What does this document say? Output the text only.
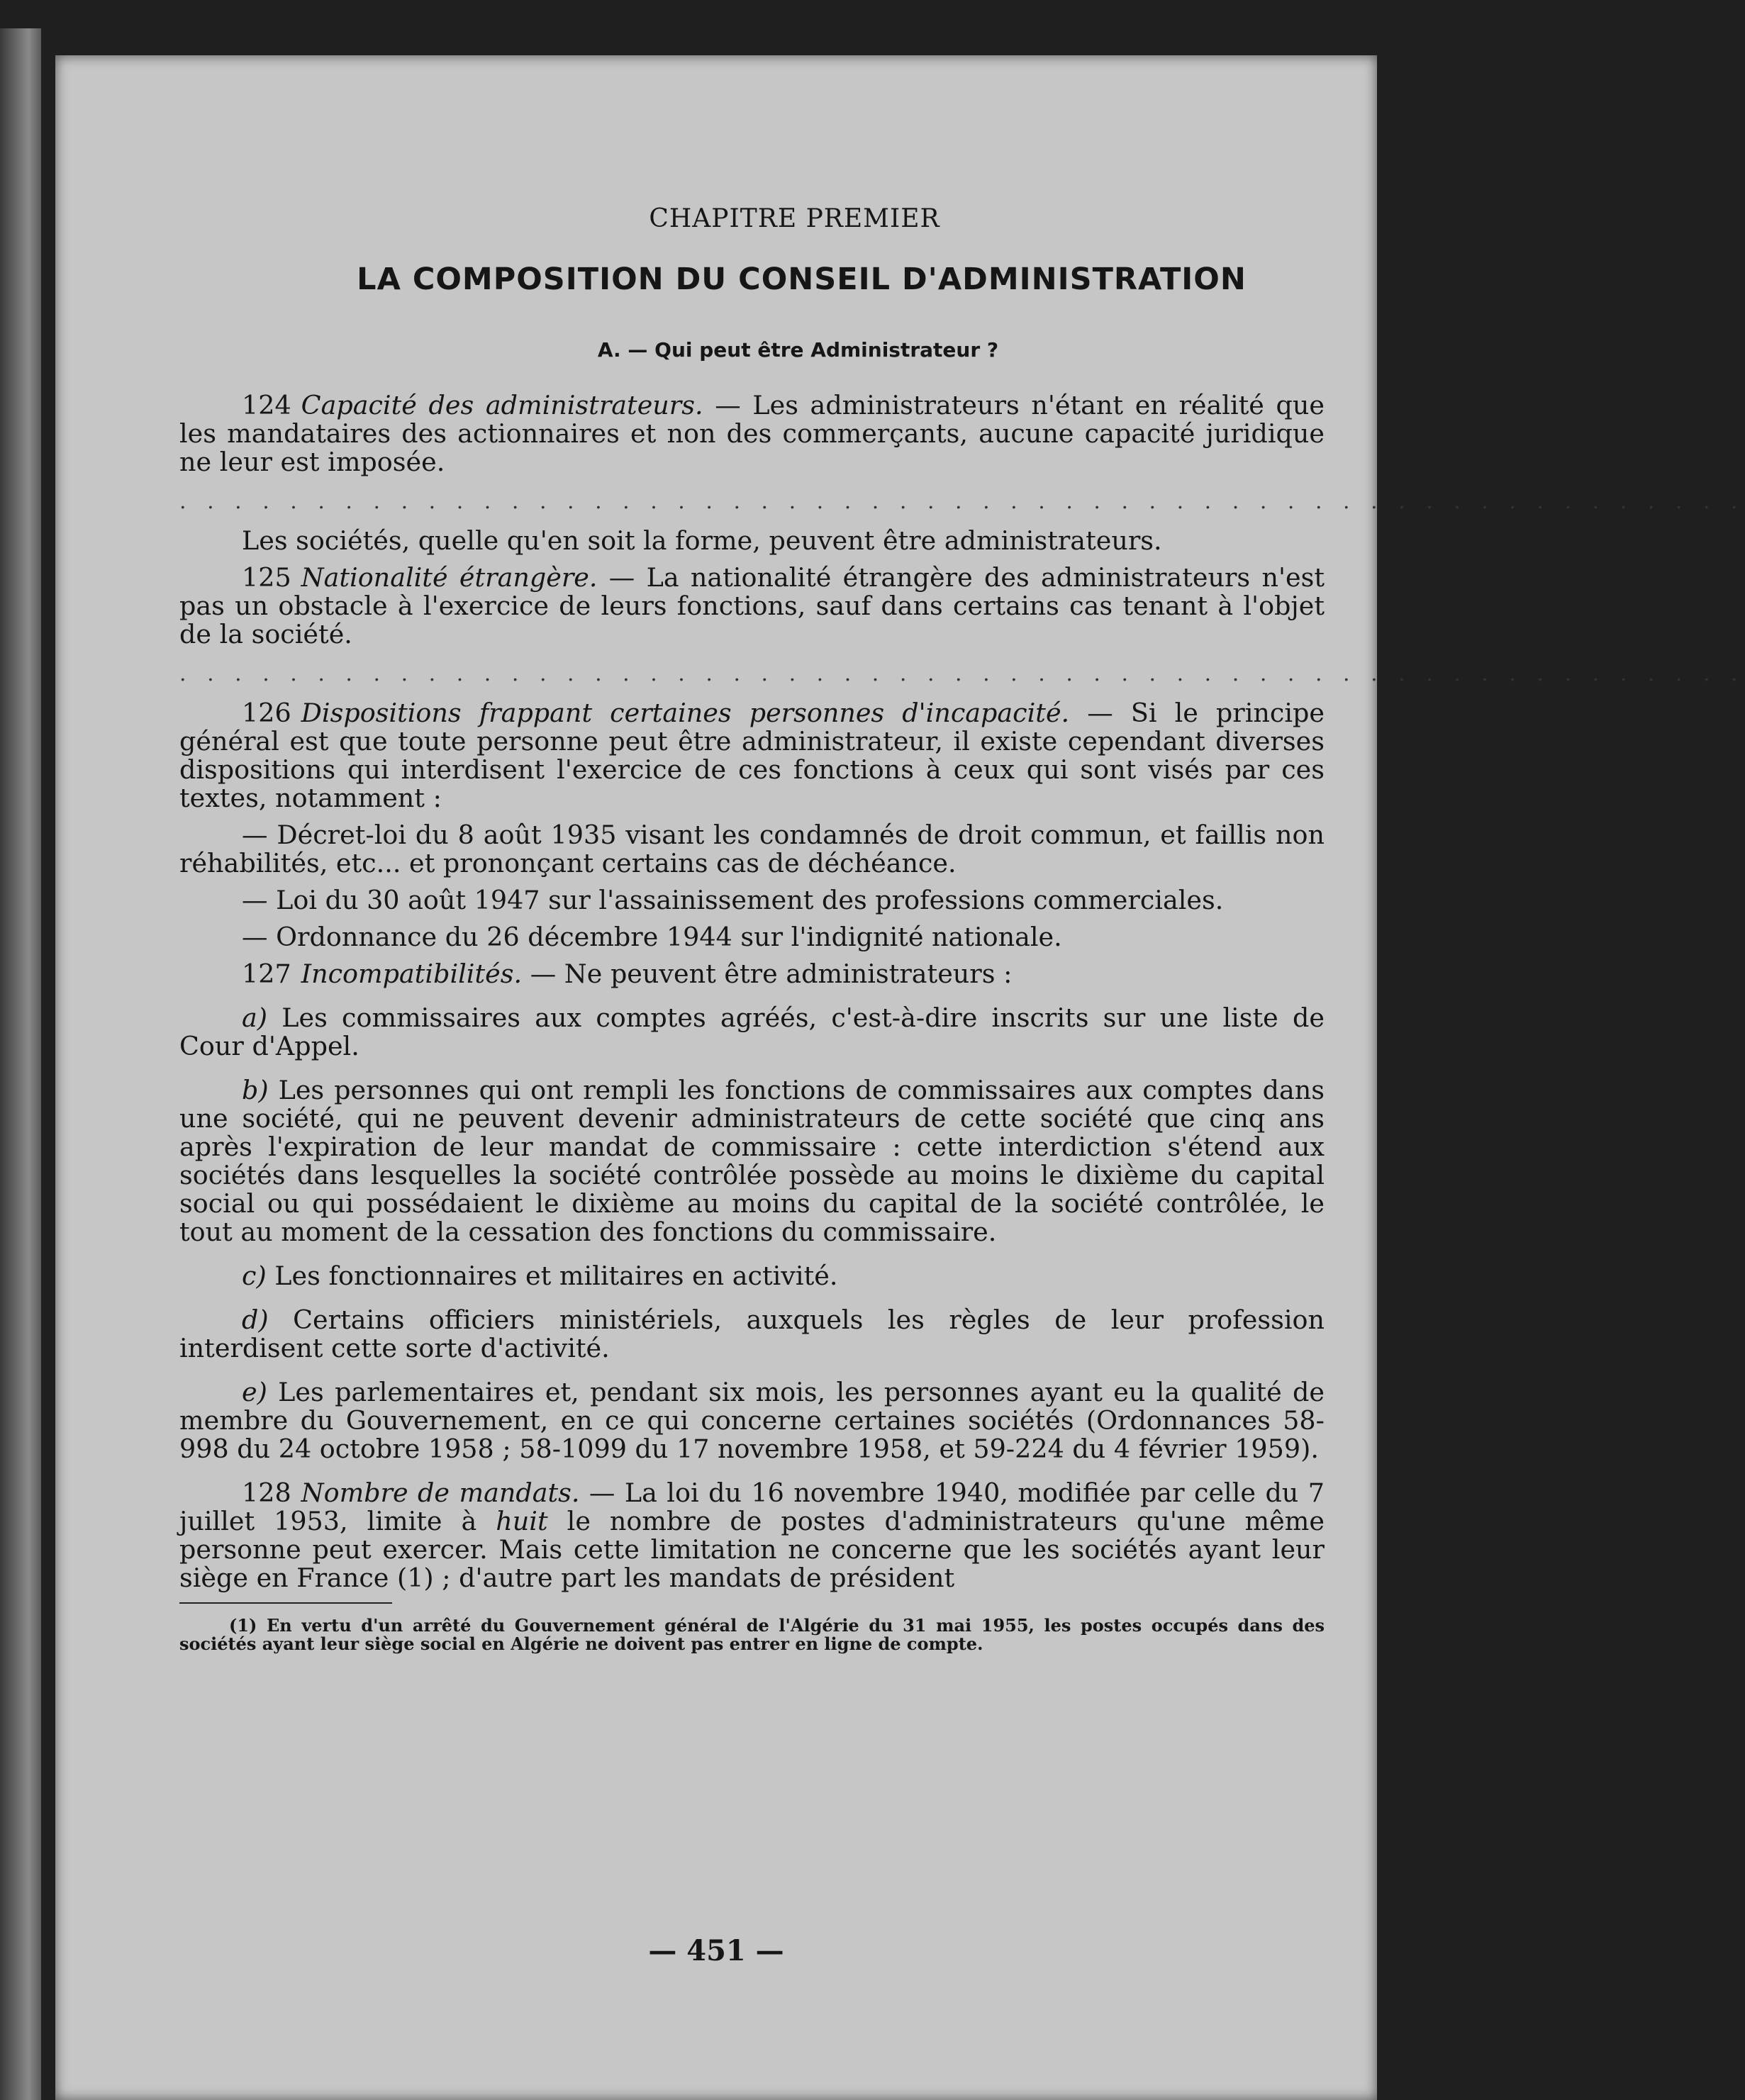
CHAPITRE PREMIER
LA COMPOSITION DU CONSEIL D'ADMINISTRATION
A. — Qui peut être Administrateur ?

124 Capacité des administrateurs. — Les administrateurs n'étant en réalité que les mandataires des actionnaires et non des commerçants, aucune capacité juridique ne leur est imposée.

. . . . . . . . . . . . . . . . . . . . . . . . . . . . . . . . . . . . . . . . . . . . . . . . . . . . . . . . .

Les sociétés, quelle qu'en soit la forme, peuvent être administrateurs.

125 Nationalité étrangère. — La nationalité étrangère des administrateurs n'est pas un obstacle à l'exercice de leurs fonctions, sauf dans certains cas tenant à l'objet de la société.

. . . . . . . . . . . . . . . . . . . . . . . . . . . . . . . . . . . . . . . . . . . . . . . . . . . . . . . . .

126 Dispositions frappant certaines personnes d'incapacité. — Si le principe général est que toute personne peut être administrateur, il existe cependant diverses dispositions qui interdisent l'exercice de ces fonctions à ceux qui sont visés par ces textes, notamment :

— Décret-loi du 8 août 1935 visant les condamnés de droit commun, et faillis non réhabilités, etc... et prononçant certains cas de déchéance.

— Loi du 30 août 1947 sur l'assainissement des professions commerciales.

— Ordonnance du 26 décembre 1944 sur l'indignité nationale.

127 Incompatibilités. — Ne peuvent être administrateurs :

a) Les commissaires aux comptes agréés, c'est-à-dire inscrits sur une liste de Cour d'Appel.

b) Les personnes qui ont rempli les fonctions de commissaires aux comptes dans une société, qui ne peuvent devenir administrateurs de cette société que cinq ans après l'expiration de leur mandat de commissaire : cette interdiction s'étend aux sociétés dans lesquelles la société contrôlée possède au moins le dixième du capital social ou qui possédaient le dixième au moins du capital de la société contrôlée, le tout au moment de la cessation des fonctions du commissaire.

c) Les fonctionnaires et militaires en activité.

d) Certains officiers ministériels, auxquels les règles de leur profession interdisent cette sorte d'activité.

e) Les parlementaires et, pendant six mois, les personnes ayant eu la qualité de membre du Gouvernement, en ce qui concerne certaines sociétés (Ordonnances 58-998 du 24 octobre 1958 ; 58-1099 du 17 novembre 1958, et 59-224 du 4 février 1959).

128 Nombre de mandats. — La loi du 16 novembre 1940, modifiée par celle du 7 juillet 1953, limite à huit le nombre de postes d'administrateurs qu'une même personne peut exercer. Mais cette limitation ne concerne que les sociétés ayant leur siège en France (1) ; d'autre part les mandats de président

(1) En vertu d'un arrêté du Gouvernement général de l'Algérie du 31 mai 1955, les postes occupés dans des sociétés ayant leur siège social en Algérie ne doivent pas entrer en ligne de compte.

— 451 —
